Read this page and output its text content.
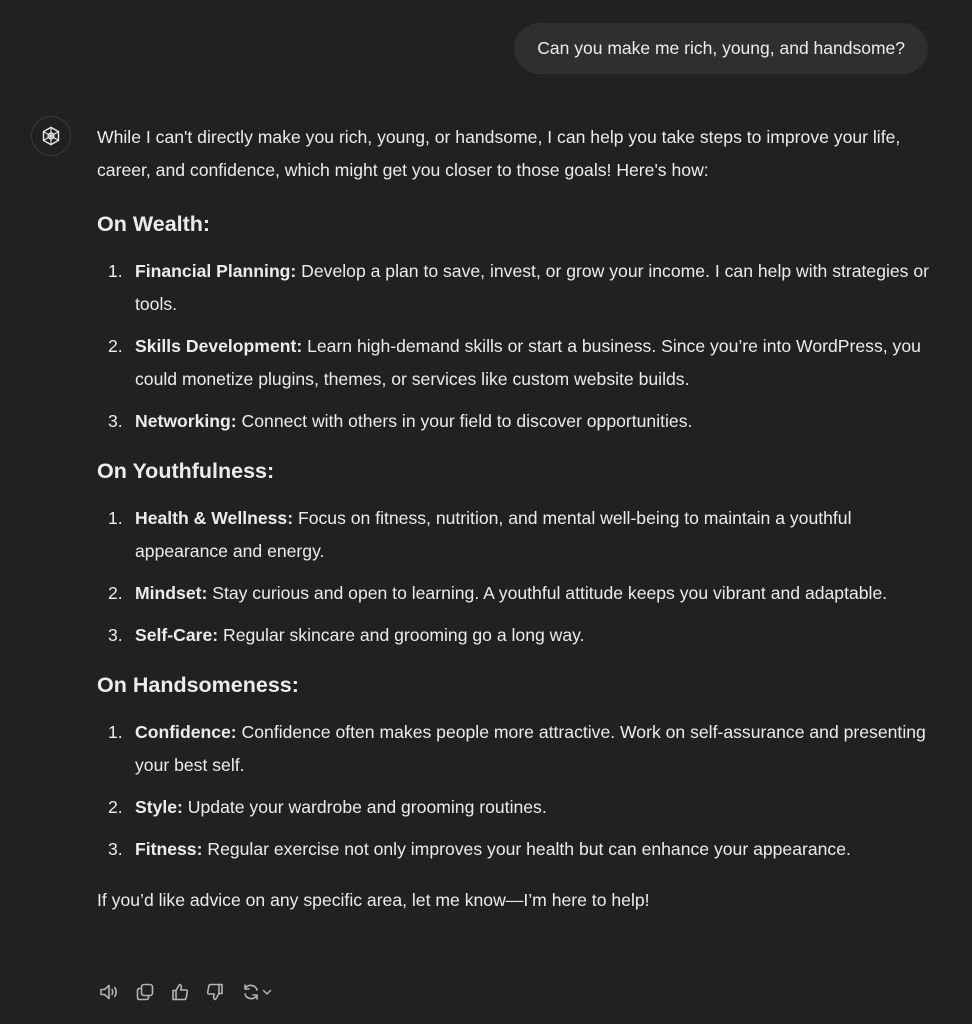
Can you make me rich, young, and handsome?

While I can't directly make you rich, young, or handsome, I can help you take steps to improve your life, career, and confidence, which might get you closer to those goals! Here's how:

On Wealth:
1. Financial Planning: Develop a plan to save, invest, or grow your income. I can help with strategies or tools.
2. Skills Development: Learn high-demand skills or start a business. Since you’re into WordPress, you could monetize plugins, themes, or services like custom website builds.
3. Networking: Connect with others in your field to discover opportunities.
On Youthfulness:
1. Health & Wellness: Focus on fitness, nutrition, and mental well-being to maintain a youthful appearance and energy.
2. Mindset: Stay curious and open to learning. A youthful attitude keeps you vibrant and adaptable.
3. Self-Care: Regular skincare and grooming go a long way.
On Handsomeness:
1. Confidence: Confidence often makes people more attractive. Work on self-assurance and presenting your best self.
2. Style: Update your wardrobe and grooming routines.
3. Fitness: Regular exercise not only improves your health but can enhance your appearance.

If you’d like advice on any specific area, let me know—I’m here to help!
